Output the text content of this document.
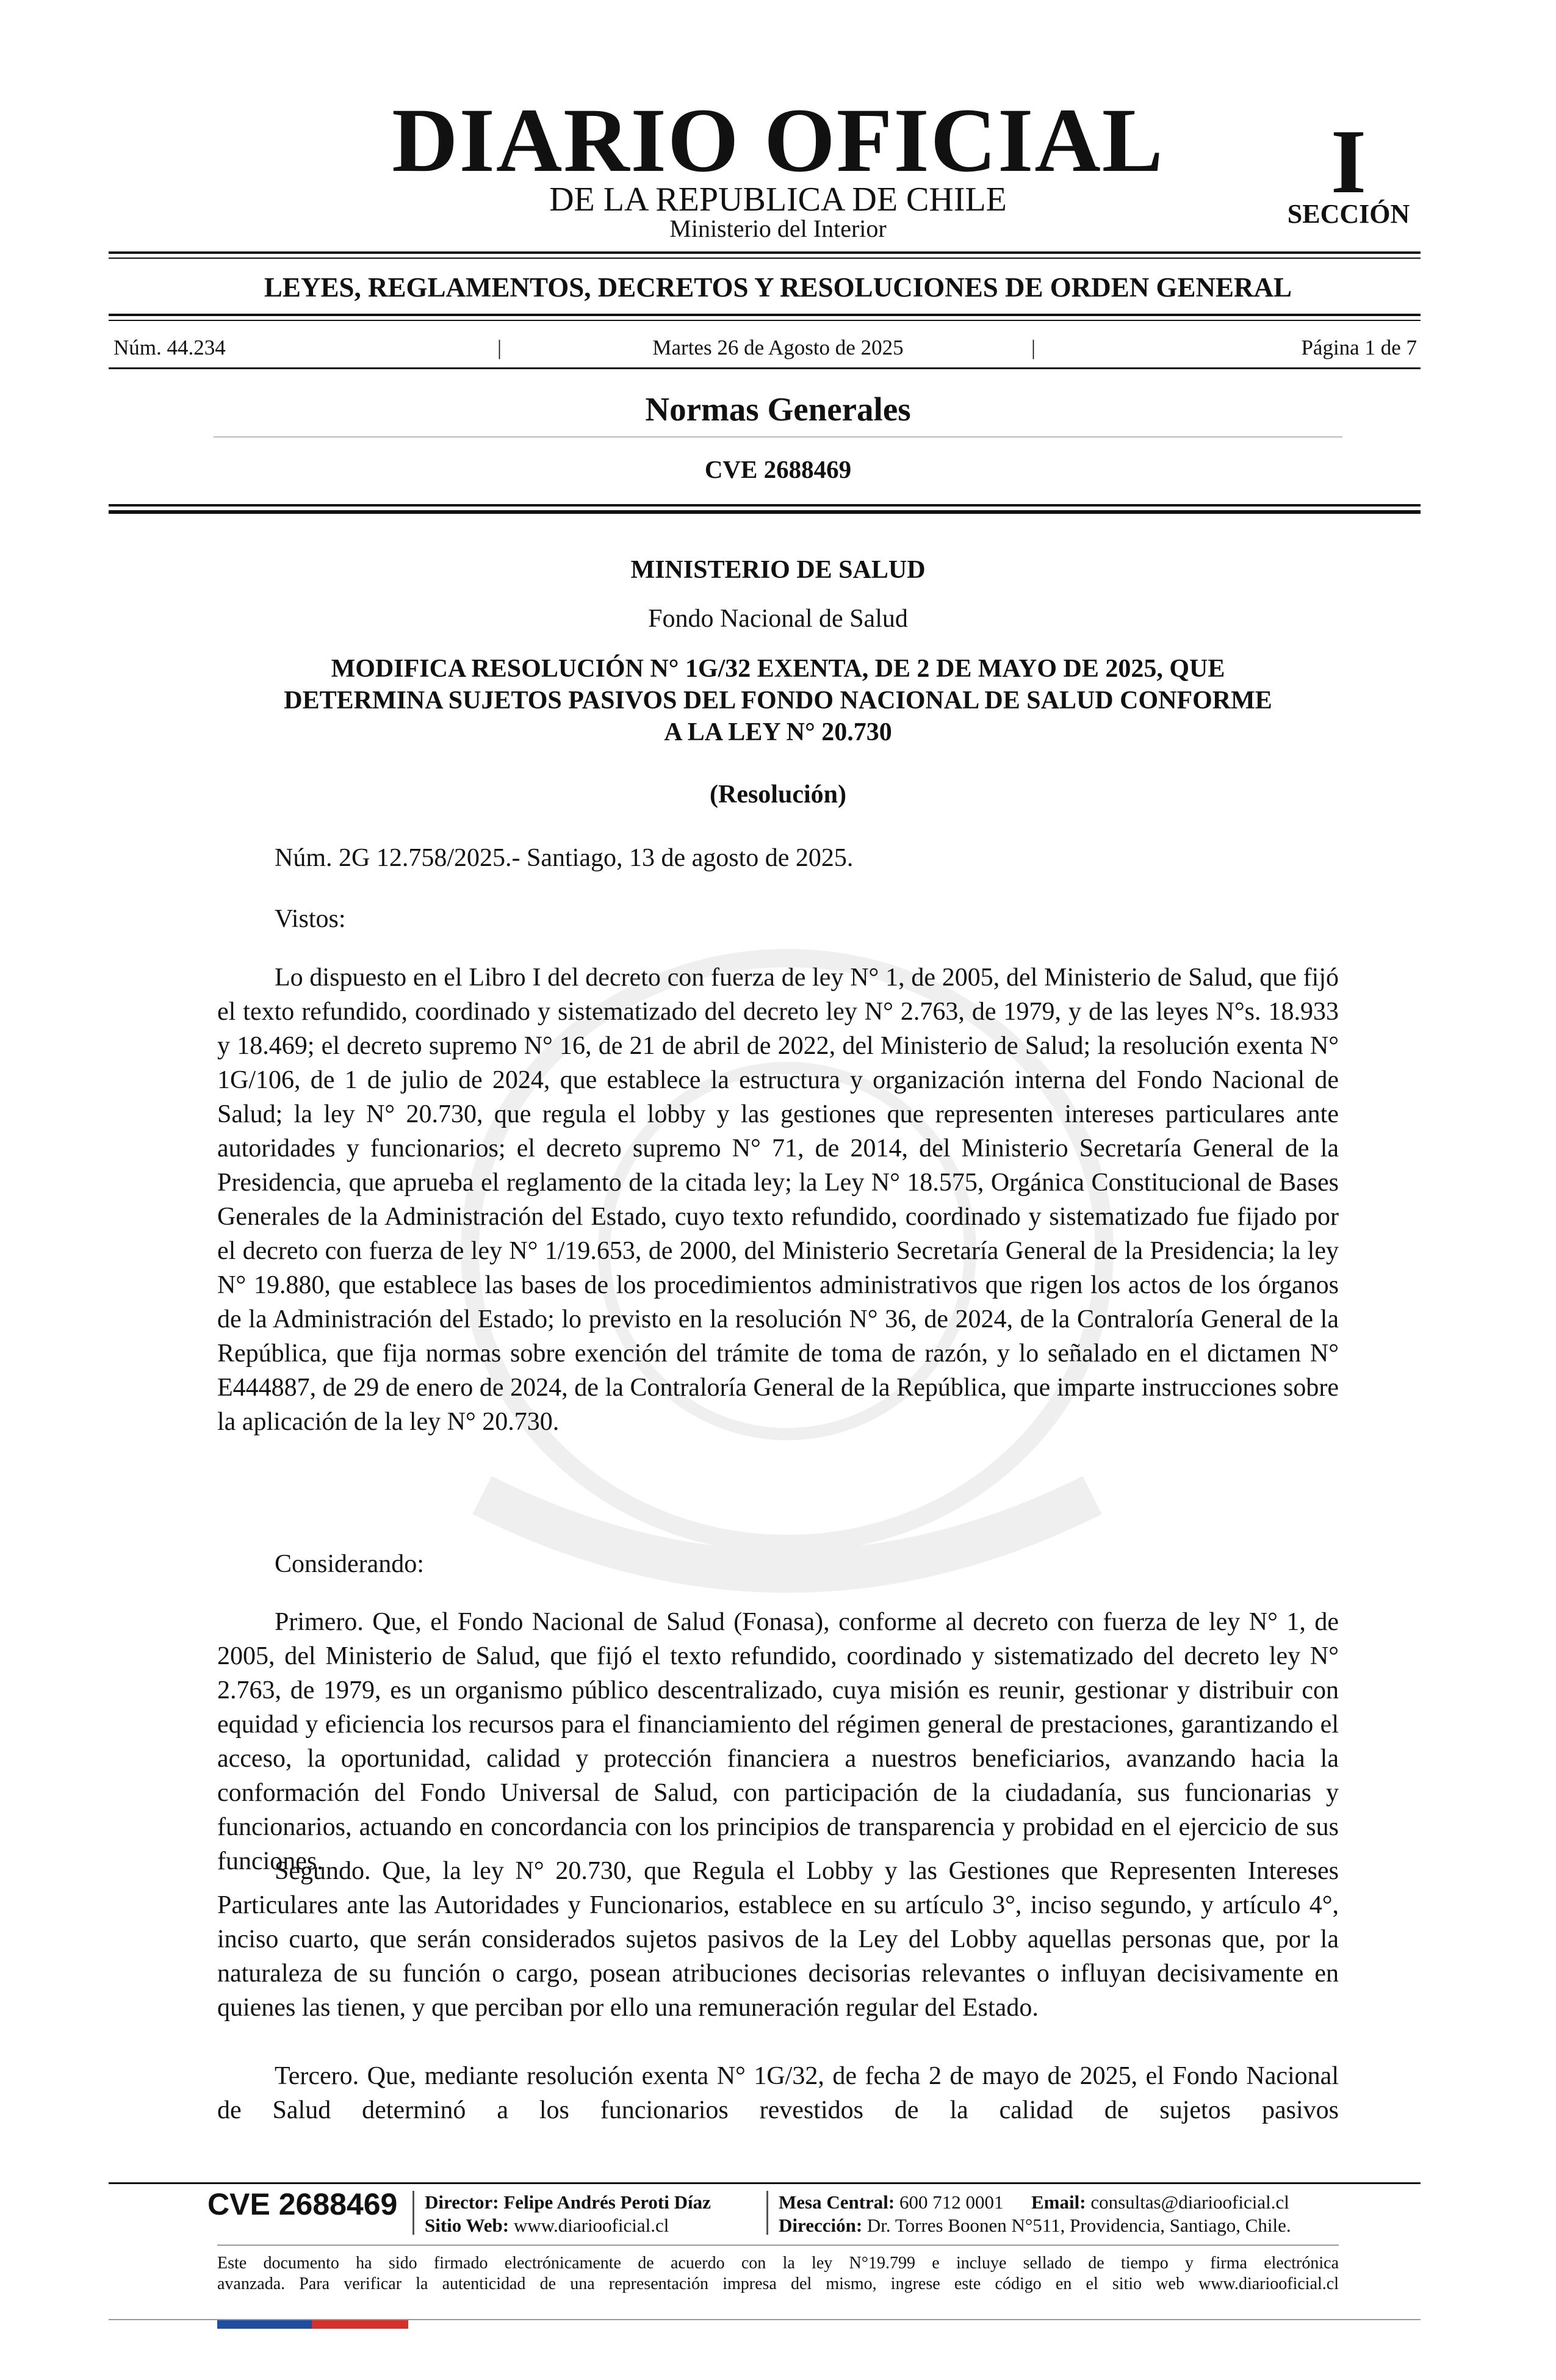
DIARIO OFICIAL
DE LA REPUBLICA DE CHILE
Ministerio del Interior
I
SECCIÓN
LEYES, REGLAMENTOS, DECRETOS Y RESOLUCIONES DE ORDEN GENERAL
Núm. 44.234	|	Martes 26 de Agosto de 2025	|	Página 1 de 7
Normas Generales
CVE 2688469
MINISTERIO DE SALUD
Fondo Nacional de Salud
MODIFICA RESOLUCIÓN N° 1G/32 EXENTA, DE 2 DE MAYO DE 2025, QUE
DETERMINA SUJETOS PASIVOS DEL FONDO NACIONAL DE SALUD CONFORME
A LA LEY N° 20.730
(Resolución)
Núm. 2G 12.758/2025.- Santiago, 13 de agosto de 2025.
Vistos:

Lo dispuesto en el Libro I del decreto con fuerza de ley N° 1, de 2005, del Ministerio de Salud, que fijó el texto refundido, coordinado y sistematizado del decreto ley N° 2.763, de 1979, y de las leyes N°s. 18.933 y 18.469; el decreto supremo N° 16, de 21 de abril de 2022, del Ministerio de Salud; la resolución exenta N° 1G/106, de 1 de julio de 2024, que establece la estructura y organización interna del Fondo Nacional de Salud; la ley N° 20.730, que regula el lobby y las gestiones que representen intereses particulares ante autoridades y funcionarios; el decreto supremo N° 71, de 2014, del Ministerio Secretaría General de la Presidencia, que aprueba el reglamento de la citada ley; la Ley N° 18.575, Orgánica Constitucional de Bases Generales de la Administración del Estado, cuyo texto refundido, coordinado y sistematizado fue fijado por el decreto con fuerza de ley N° 1/19.653, de 2000, del Ministerio Secretaría General de la Presidencia; la ley N° 19.880, que establece las bases de los procedimientos administrativos que rigen los actos de los órganos de la Administración del Estado; lo previsto en la resolución N° 36, de 2024, de la Contraloría General de la República, que fija normas sobre exención del trámite de toma de razón, y lo señalado en el dictamen N° E444887, de 29 de enero de 2024, de la Contraloría General de la República, que imparte instrucciones sobre la aplicación de la ley N° 20.730.

Considerando:

Primero. Que, el Fondo Nacional de Salud (Fonasa), conforme al decreto con fuerza de ley N° 1, de 2005, del Ministerio de Salud, que fijó el texto refundido, coordinado y sistematizado del decreto ley N° 2.763, de 1979, es un organismo público descentralizado, cuya misión es reunir, gestionar y distribuir con equidad y eficiencia los recursos para el financiamiento del régimen general de prestaciones, garantizando el acceso, la oportunidad, calidad y protección financiera a nuestros beneficiarios, avanzando hacia la conformación del Fondo Universal de Salud, con participación de la ciudadanía, sus funcionarias y funcionarios, actuando en concordancia con los principios de transparencia y probidad en el ejercicio de sus funciones.

Segundo. Que, la ley N° 20.730, que Regula el Lobby y las Gestiones que Representen Intereses Particulares ante las Autoridades y Funcionarios, establece en su artículo 3°, inciso segundo, y artículo 4°, inciso cuarto, que serán considerados sujetos pasivos de la Ley del Lobby aquellas personas que, por la naturaleza de su función o cargo, posean atribuciones decisorias relevantes o influyan decisivamente en quienes las tienen, y que perciban por ello una remuneración regular del Estado.

Tercero. Que, mediante resolución exenta N° 1G/32, de fecha 2 de mayo de 2025, el Fondo Nacional de Salud determinó a los funcionarios revestidos de la calidad de sujetos pasivos

CVE 2688469	Director: Felipe Andrés Peroti Díaz
Sitio Web: www.diariooficial.cl
Mesa Central: 600 712 0001 Email: consultas@diariooficial.cl
Dirección: Dr. Torres Boonen N°511, Providencia, Santiago, Chile.
Este documento ha sido firmado electrónicamente de acuerdo con la ley N°19.799 e incluye sellado de tiempo y firma electrónica
avanzada. Para verificar la autenticidad de una representación impresa del mismo, ingrese este código en el sitio web www.diariooficial.cl
